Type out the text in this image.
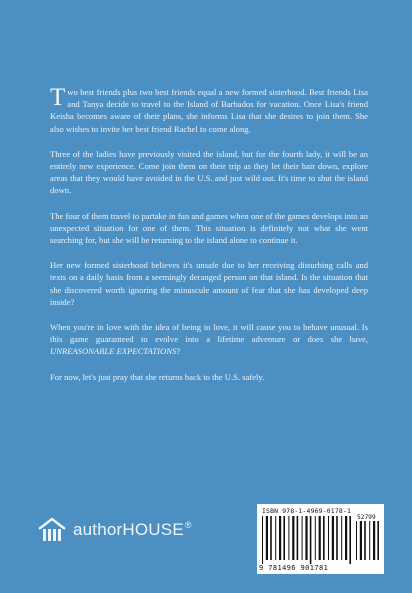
Two best friends plus two best friends equal a new formed sisterhood. Best friends Lisa and Tanya decide to travel to the Island of Barbados for vacation. Once Lisa's friend Keisha becomes aware of their plans, she informs Lisa that she desires to join them. She also wishes to invite her best friend Rachel to come along.

Three of the ladies have previously visited the island, but for the fourth lady, it will be an entirely new experience. Come join them on their trip as they let their hair down, explore areas that they would have avoided in the U.S. and just wild out. It's time to shut the island down.

The four of them travel to partake in fun and games when one of the games develops into an unexpected situation for one of them. This situation is definitely not what she went searching for, but she will be returning to the island alone to continue it.

Her new formed sisterhood believes it's unsafe due to her receiving disturbing calls and texts on a daily basis from a seemingly deranged person on that island. Is the situation that she discovered worth ignoring the minuscule amount of fear that she has developed deep inside?

When you're in love with the idea of being in love, it will cause you to behave unusual. Is this game guaranteed to evolve into a lifetime adventure or does she have, UNREASONABLE EXPECTATIONS?

For now, let's just pray that she returns back to the U.S. safely.

authorHOUSE®
ISBN 978-1-4969-0178-1
52799
9 781496 901781
